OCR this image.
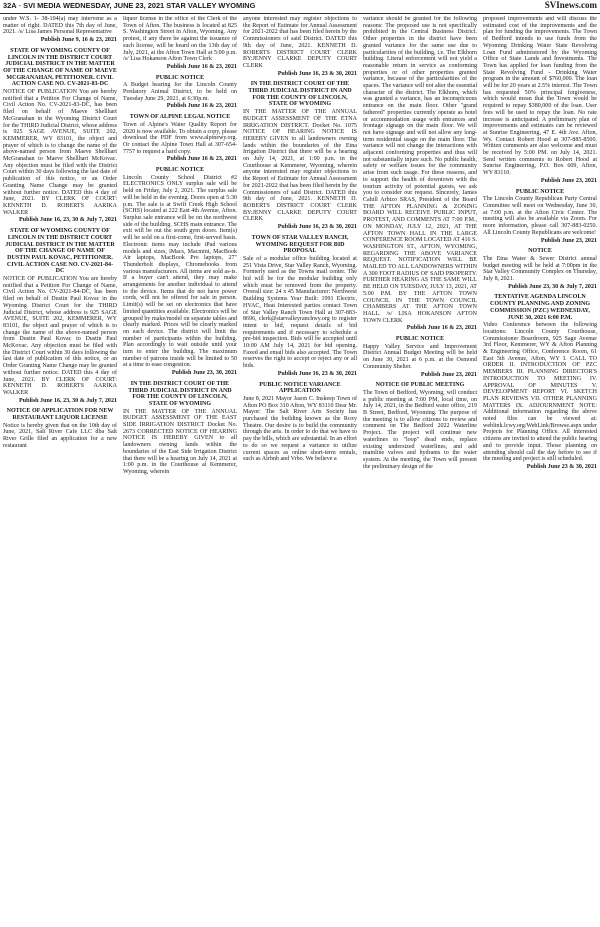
32A - SVI MEDIA WEDNESDAY, JUNE 23, 2021 STAR VALLEY WYOMING	SVInews.com
under W.S. 1- 38-104(a) may intervene as a matter of right. DATED this 7th day of June, 2021. /s/ Lisa James Personal Representative
Publish June 9, 16 & 23, 2021
STATE OF WYOMING COUNTY OF LINCOLN IN THE DISTRICT COURT JUDICIAL DISTRICT IN THE MATTER OF THE CHANGE OF NAME OF MAEVE MCGRANAHAN, PETITIONER. CIVIL ACTION CASE NO. CV-2021-83-DC
NOTICE OF PUBLICATION You are hereby notified that a Petition For Change of Name, Civil Action No. CV-2021-83-DC, has been filed on behalf of Maeve Shellhart McGranahan in the Wyoming District Court for the THIRD Judicial District, whose address is 925 SAGE AVENUE, SUITE 202, KEMMERER, WY 83101, the object and prayer of which is to change the name of the above-named person from Maeve Shellhart McGranahan to Maeve Shellhart McKovac. Any objection must be filed with the District Court within 30 days following the last date of publication of this notice, or an Order Granting Name Change may be granted without further notice. DATED this 4 day of June, 2021. BY CLERK OF COURT: KENNETH D. ROBERTS AARIKA WALKER
Publish June 16, 23, 30 & July 7, 2021
STATE OF WYOMING COUNTY OF LINCOLN IN THE DISTRICT COURT JUDICIAL DISTRICT IN THE MATTER OF THE CHANGE OF NAME OF DUSTIN PAUL KOVAC, PETITIONER. CIVIL ACTION CASE NO. CV-2021-84-DC
NOTICE OF PUBLICATION You are hereby notified that a Petition For Change of Name, Civil Action No. CV-2021-84-DC, has been filed on behalf of Dustin Paul Kovac in the Wyoming District Court for the THIRD Judicial District, whose address is 925 SAGE AVENUE, SUITE 202, KEMMERER, WY 83101, the object and prayer of which is to change the name of the above-named person from Dustin Paul Kovac to Dustin Paul McKovac. Any objection must be filed with the District Court within 30 days following the last date of publication of this notice, or an Order Granting Name Change may be granted without further notice. DATED this 4 day of June, 2021. BY CLERK OF COURT: KENNETH D. ROBERTS AARIKA WALKER
Publish June 16, 23, 30 & July 7, 2021
NOTICE OF APPLICATION FOR NEW RESTAURANT LIQUOR LICENSE
Notice is hereby given that on the 10th day of June, 2021, Salt River Cafe LLC dba Salt River Grille filed an application for a new restaurant
liquor license in the office of the Clerk of the Town of Afton. The business is located at 825 S. Washington Street in Afton, Wyoming. Any protest, if any there be against the issuance of such license, will be heard on the 13th day of July, 2021, at the Afton Town Hall at 5:00 p.m. /s/ Lisa Hokanson Afton Town Clerk
Publish June 16 & 23, 2021
PUBLIC NOTICE
A Budget hearing for the Lincoln County Predatory Animal District, to be held on Tuesday June 29, 2021, at 6:30p.m.
Publish June 16 & 23, 2021
TOWN OF ALPINE LEGAL NOTICE
Town of Alpine's Water Quality Report for 2020 is now available. To obtain a copy, please download the PDF from www.alpinewy.org. Or contact the Alpine Town Hall at 307-654-7757 to request a hard copy.
Publish June 16 & 23, 2021
PUBLIC NOTICE
Lincoln County School District #2 ELECTRONICS ONLY surplus sale will be held on Friday, July 2, 2021. The surplus sale will be held in the evening. Doors open at 5:30 p.m. The sale is at Swift Creek High School (SCHS) located at 222 East 4th Avenue, Afton. Surplus sale entrance will be on the northwest side of the building. SCHS main entrance. The exit will be out the south gym doors. Item(s) will be sold on a first-come, first-served basis. Electronic items may include iPad various models and sizes, iMacs, Macmini, MacBook Air laptops, MacBook Pro laptops, 27" Thunderbolt displays, Chromebooks from various manufacturers. All items are sold as-is. If a buyer can't attend, they may make arrangements for another individual to attend to the device. Items that do not have power cords, will not be offered for sale in person. Limit(s) will be set on electronics that have limited quantities available. Electronics will be grouped by make/model on separate tables and clearly marked. Prices will be clearly marked on each device. The district will limit the number of participants within the building. Plan accordingly to wait outside until your turn to enter the building. The maximum number of patrons inside will be limited to 50 at a time to ease congestion.
Publish June 23, 30, 2021
IN THE DISTRICT COURT OF THE THIRD JUDICIAL DISTRICT IN AND FOR THE COUNTY OF LINCOLN, STATE OF WYOMING
IN THE MATTER OF THE ANNUAL BUDGET ASSESSMENT OF THE EAST SIDE IRRIGATION DISTRICT Docket No. 2673 CORRECTED NOTICE OF HEARING NOTICE IS HEREBY GIVEN to all landowners owning lands within the boundaries of the East Side Irrigation District that there will be a hearing on July 14, 2021 at 1:00 p.m. in the Courthouse at Kemmerer, Wyoming, wherein
anyone interested may register objections to the Report of Estimate for Annual Assessment for 2021-2022 that has been filed herein by the Commissioners of said District. DATED this 9th day of June, 2021. KENNETH D. ROBERTS DISTRICT COURT CLERK BY:JENNY CLARKE DEPUTY COURT CLERK
Publish June 16, 23 & 30, 2021
IN THE DISTRICT COURT OF THE THIRD JUDICIAL DISTRICT IN AND FOR THE COUNTY OF LINCOLN, STATE OF WYOMING
IN THE MATTER OF THE ANNUAL BUDGET ASSESSMENT OF THE ETNA IRRIGATION DISTRICT. Docket No. 1075 NOTICE OF HEARING NOTICE IS HEREBY GIVEN to all landowners owning lands within the boundaries of the Etna Irrigation District that there will be a hearing on July 14, 2021, at 1:00 p.m. in the Courthouse at Kemmerer, Wyoming, wherein anyone interested may register objections to the Report of Estimate for Annual Assessment for 2021-2022 that has been filed herein by the Commissioners of said District. DATED this 9th day of June, 2021. KENNETH D. ROBERTS DISTRICT COURT CLERK BY:JENNY CLARKE DEPUTY COURT CLERK
Publish June 16, 23 & 30, 2021
TOWN OF STAR VALLEY RANCH, WYOMING REQUEST FOR BID PROPOSAL
Sale of a modular office building located at 251 Vista Drive, Star Valley Ranch, Wyoming. Formerly used as the Towns mail center. The bid will be for the modular building only which must be removed from the property. Overall size: 24 x 45 Manufacturer: Northwest Building Systems Year Built: 1991 Electric, HVAC, Heat Interested parties contact Town of Star Valley Ranch Town Hall at 307-883-8696, clerk@starvalleyranchwy.org to register intent to bid, request details of bid requirements and if necessary to schedule a pre-bid inspection. Bids will be accepted until 10:00 AM July 14, 2021 for bid opening. Faxed and email bids also accepted. The Town reserves the right to accept or reject any or all bids.
Publish June 16, 23 & 30, 2021
PUBLIC NOTICE VARIANCE APPLICATION
June 8, 2021 Mayor Jason C. Inskeep Town of Afton PO Box 310 Afton, WY 83110 Dear Mr. Mayor: The Salt River Arts Society has purchased the building known as the Roxy Theatre. Our desire is to build the community through the arts. In order to do that we have to pay the bills, which are substantial. In an effort to do so we request a variance to utilize current spaces as online short-term rentals, such as Airbnb and Vrbo. We believe a
variance should be granted for the following reasons: The proposed use is not specifically prohibited in the Central Business District. Other properties in the district have been granted variance for the same use due to particularities of the building, i.e. The Elkhorn building. Literal enforcement will not yield a reasonable return in service as conforming properties or of other properties granted variance, because of the particularities of the spaces. The variance will not alter the essential character of the district. The Elkhorn, which was granted a variance, has an inconspicuous entrance on the main floor. Other "grand fathered" properties currently operate as hotel or accommodation usage with entrances and frontage signage on the main floor. We will not have signage and will not allow any long-term residential usage on the main floor. The variance will not change the interactions with adjacent conforming properties and thus will not substantially injure such. No public health, safety or welfare issues for the community arise from such usage. For these reasons, and to support the health of downtown with the tourism activity of potential guests, we ask you to consider our request. Sincerely, James Cahill Arbizo SRAS, President of the Board THE AFTON PLANNING & ZONING BOARD WILL RECEIVE PUBLIC INPUT, PROTEST, AND COMMENTS AT 7:00 P.M., ON MONDAY, JULY 12, 2021, AT THE AFTON TOWN HALL IN THE LARGE CONFERENCE ROOM LOCATED AT 416 S. WASHINGTON ST., AFTON, WYOMING, REGARDING THE ABOVE VARIANCE REQUEST. NOTIFICATION WILL BE MAILED TO ALL LANDOWNERS WITHIN A 300 FOOT RADIUS OF SAID PROPERTY. FURTHER HEARING AS THE SAME WILL BE HELD ON TUESDAY, JULY 13, 2021, AT 5:00 P.M. BY THE AFTON TOWN COUNCIL IN THE TOWN COUNCIL CHAMBERS AT THE AFTON TOWN HALL. /s/ LISA HOKANSON AFTON TOWN CLERK
Publish June 16 & 23, 2021
PUBLIC NOTICE
Happy Valley Service and Improvement District Annual Budget Meeting will be held on June 30, 2021 at 6 p.m. at the Osmond Community Shelter.
Publish June 23, 2021
NOTICE OF PUBLIC MEETING
The Town of Bedford, Wyoming, will conduct a public meeting at 7:00 PM, local time, on July 14, 2021, in the Bedford water office, 219 B Street, Bedford, Wyoming. The purpose of the meeting is to allow citizens to review and comment on The Bedford 2022 Waterline Project. The project will continue new waterlines to "loop" dead ends, replace existing undersized waterlines, and add mainline valves and hydrants to the water system. At the meeting, the Town will present the preliminary design of the
proposed improvements and will discuss the estimated cost of the improvements and the plan for funding the improvements. The Town of Bedford intends to use funds from the Wyoming Drinking Water State Revolving Loan Fund administered by the Wyoming Office of State Lands and Investments. The Town has applied for loan funding from the State Revolving Fund - Drinking Water program in the amount of $760,000. The loan will be for 20 years at 2.5% interest. The Town has requested 50% principal forgiveness, which would mean that the Town would be required to repay $380,000 of the loan. User fees will be used to repay the loan. No rate increase is anticipated. A preliminary plan of improvements and estimates can be reviewed at Sunrise Engineering, 47 E. 4th Ave. Afton, Wy. Contact Robert Hood at 307-885-8500. Written comments are also welcome and must be received by 5:00 PM. on July 14, 2021. Send written comments to Robert Hood at Sunrise Engineering, P.O. Box 609, Afton, WY 83110.
Publish June 23, 2021
PUBLIC NOTICE
The Lincoln County Republican Party Central Committee will meet on Wednesday, June 30, at 7:00 p.m. at the Afton Civic Center. The meeting will also be available via Zoom. For more information, please call 307-883-0250. All Lincoln County Republicans are welcome!
Publish June 23, 2021
NOTICE
The Etna Water & Sewer District annual budget meeting will be held at 7:00pm in the Star Valley Community Complex on Thursday, July 8, 2021.
Publish June 23, 30 & July 7, 2021
TENTATIVE AGENDA LINCOLN COUNTY PLANNING AND ZONING COMMISSION (PZC) WEDNESDAY, JUNE 30, 2021 6:00 P.M.
Video Conference between the following locations: Lincoln County Courthouse, Commissioner Boardroom, 925 Sage Avenue 3rd Floor, Kemmerer, WY & Afton Planning & Engineering Office, Conference Room, 61 East 5th Avenue, Afton, WY I. CALL TO ORDER II. INTRODUCTION OF PZC MEMBERS III. PLANNING DIRECTOR'S INTRODUCTION TO MEETING IV. APPROVAL OF MINUTES V. DEVELOPMENT REPORT VI. SKETCH PLAN REVIEWS VII. OTHER PLANNING MATTERS IX. ADJOURNMENT NOTE: Additional information regarding the above noted files can be viewed at: weblink.lcwy.org/WebLink/Browse.aspx under Projects for Planning Office. All interested citizens are invited to attend the public hearing and to provide input. Those planning on attending should call the day before to see if the meeting and project is still scheduled.
Publish June 23 & 30, 2021
